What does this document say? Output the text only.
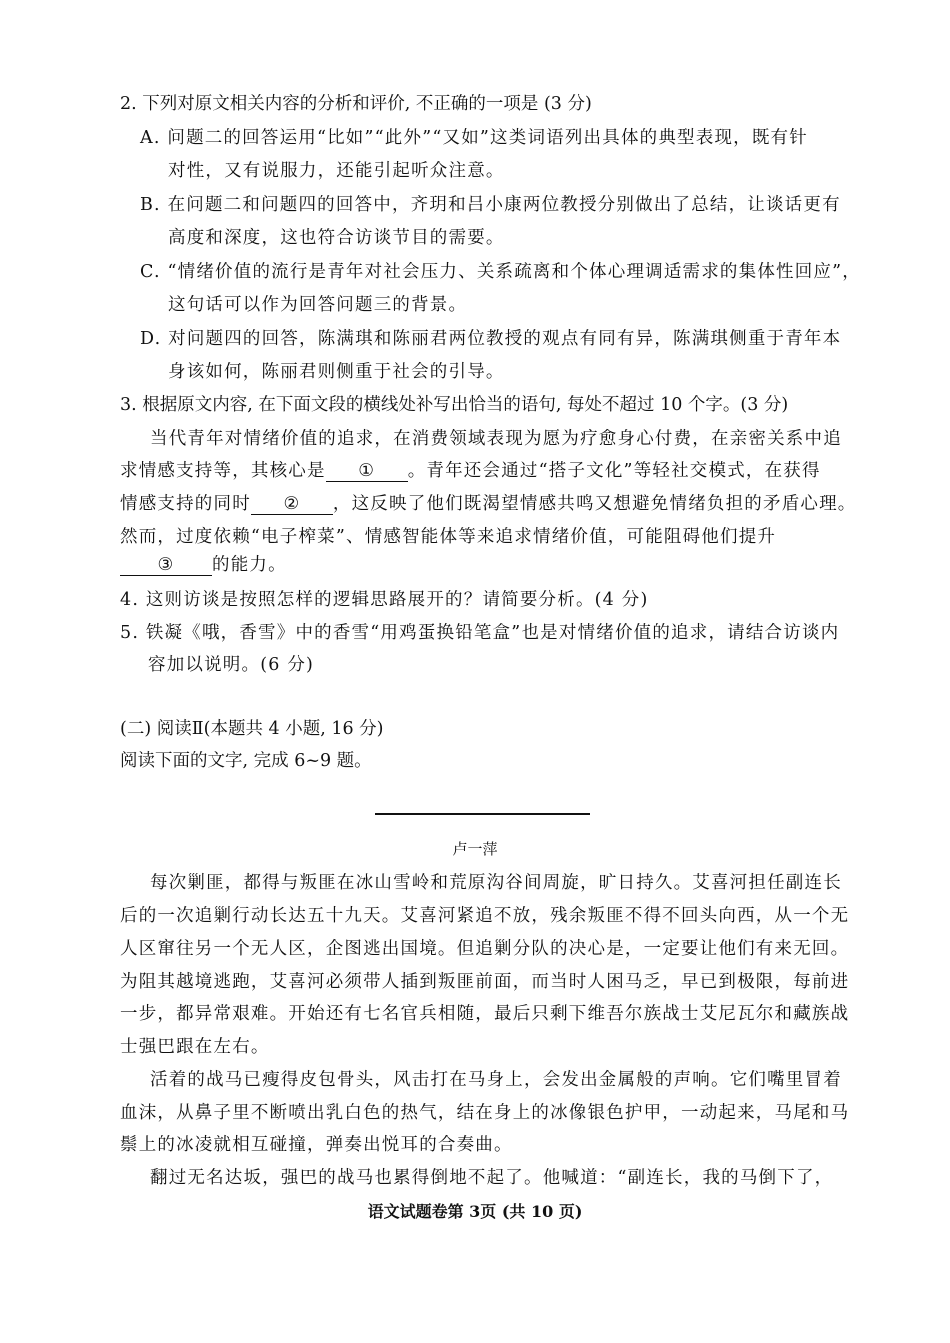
2. 下列对原文相关内容的分析和评价, 不正确的一项是 (3 分)
A. 问题二的回答运用“比如”“此外”“又如”这类词语列出具体的典型表现，既有针
对性，又有说服力，还能引起听众注意。
B. 在问题二和问题四的回答中，齐玥和吕小康两位教授分别做出了总结，让谈话更有
高度和深度，这也符合访谈节目的需要。
C. “情绪价值的流行是青年对社会压力、关系疏离和个体心理调适需求的集体性回应”，
这句话可以作为回答问题三的背景。
D. 对问题四的回答，陈满琪和陈丽君两位教授的观点有同有异，陈满琪侧重于青年本
身该如何，陈丽君则侧重于社会的引导。
3. 根据原文内容, 在下面文段的横线处补写出恰当的语句, 每处不超过 10 个字。(3 分)
当代青年对情绪价值的追求，在消费领域表现为愿为疗愈身心付费，在亲密关系中追
求情感支持等，其核心是 ① 。青年还会通过“搭子文化”等轻社交模式，在获得
情感支持的同时 ② ，这反映了他们既渴望情感共鸣又想避免情绪负担的矛盾心理。
然而，过度依赖“电子榨菜”、情感智能体等来追求情绪价值，可能阻碍他们提升
③ 的能力。
4. 这则访谈是按照怎样的逻辑思路展开的？请简要分析。(4 分)
5. 铁凝《哦，香雪》中的香雪“用鸡蛋换铅笔盒”也是对情绪价值的追求，请结合访谈内
容加以说明。(6 分)
(二) 阅读Ⅱ(本题共 4 小题, 16 分)
阅读下面的文字, 完成 6~9 题。
卢一萍
每次剿匪，都得与叛匪在冰山雪岭和荒原沟谷间周旋，旷日持久。艾喜河担任副连长
后的一次追剿行动长达五十九天。艾喜河紧追不放，残余叛匪不得不回头向西，从一个无
人区窜往另一个无人区，企图逃出国境。但追剿分队的决心是，一定要让他们有来无回。
为阻其越境逃跑，艾喜河必须带人插到叛匪前面，而当时人困马乏，早已到极限，每前进
一步，都异常艰难。开始还有七名官兵相随，最后只剩下维吾尔族战士艾尼瓦尔和藏族战
士强巴跟在左右。
活着的战马已瘦得皮包骨头，风击打在马身上，会发出金属般的声响。它们嘴里冒着
血沫，从鼻子里不断喷出乳白色的热气，结在身上的冰像银色护甲，一动起来，马尾和马
鬃上的冰凌就相互碰撞，弹奏出悦耳的合奏曲。
翻过无名达坂，强巴的战马也累得倒地不起了。他喊道：“副连长，我的马倒下了，
语文试题卷第 3页 (共 10 页)
